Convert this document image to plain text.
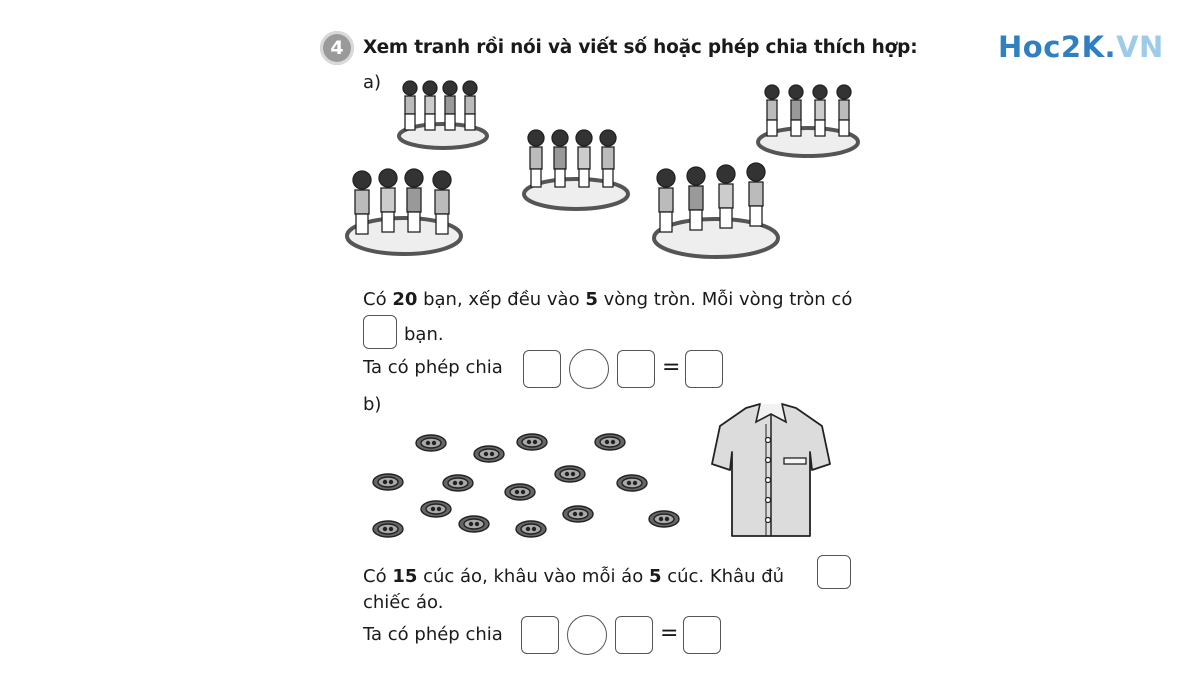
4	Xem tranh rồi nói và viết số hoặc phép chia thích hợp:	Hoc2K.VN
a)
Có 20 bạn, xếp đều vào 5 vòng tròn. Mỗi vòng tròn có
bạn.
Ta có phép chia	=
b)
Có 15 cúc áo, khâu vào mỗi áo 5 cúc. Khâu đủ
chiếc áo.
Ta có phép chia	=
